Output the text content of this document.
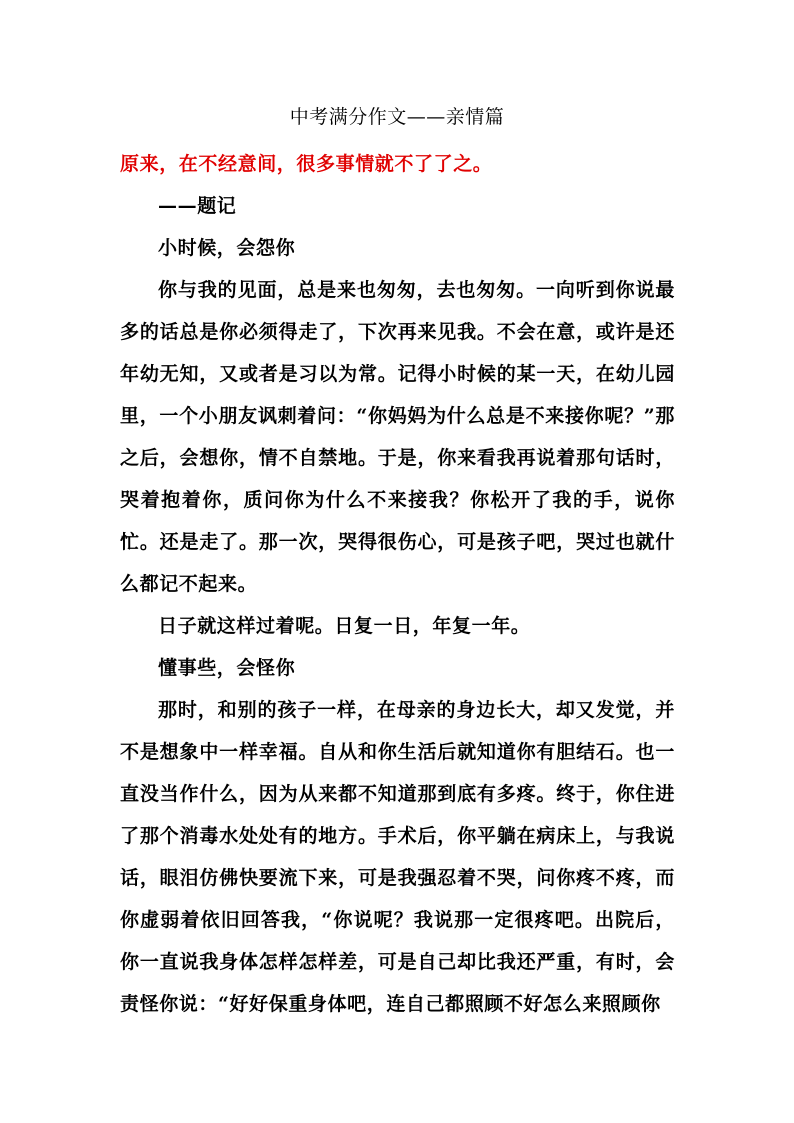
中考满分作文——亲情篇

原来，在不经意间，很多事情就不了了之。

——题记

小时候，会怨你

你与我的见面，总是来也匆匆，去也匆匆。一向听到你说最多的话总是你必须得走了，下次再来见我。不会在意，或许是还年幼无知，又或者是习以为常。记得小时候的某一天，在幼儿园里，一个小朋友讽刺着问：“你妈妈为什么总是不来接你呢？”那之后，会想你，情不自禁地。于是，你来看我再说着那句话时，哭着抱着你，质问你为什么不来接我？你松开了我的手，说你忙。还是走了。那一次，哭得很伤心，可是孩子吧，哭过也就什么都记不起来。

日子就这样过着呢。日复一日，年复一年。

懂事些，会怪你

那时，和别的孩子一样，在母亲的身边长大，却又发觉，并不是想象中一样幸福。自从和你生活后就知道你有胆结石。也一直没当作什么，因为从来都不知道那到底有多疼。终于，你住进了那个消毒水处处有的地方。手术后，你平躺在病床上，与我说话，眼泪仿佛快要流下来，可是我强忍着不哭，问你疼不疼，而你虚弱着依旧回答我，“你说呢？我说那一定很疼吧。出院后，你一直说我身体怎样怎样差，可是自己却比我还严重，有时，会责怪你说：“好好保重身体吧，连自己都照顾不好怎么来照顾你
